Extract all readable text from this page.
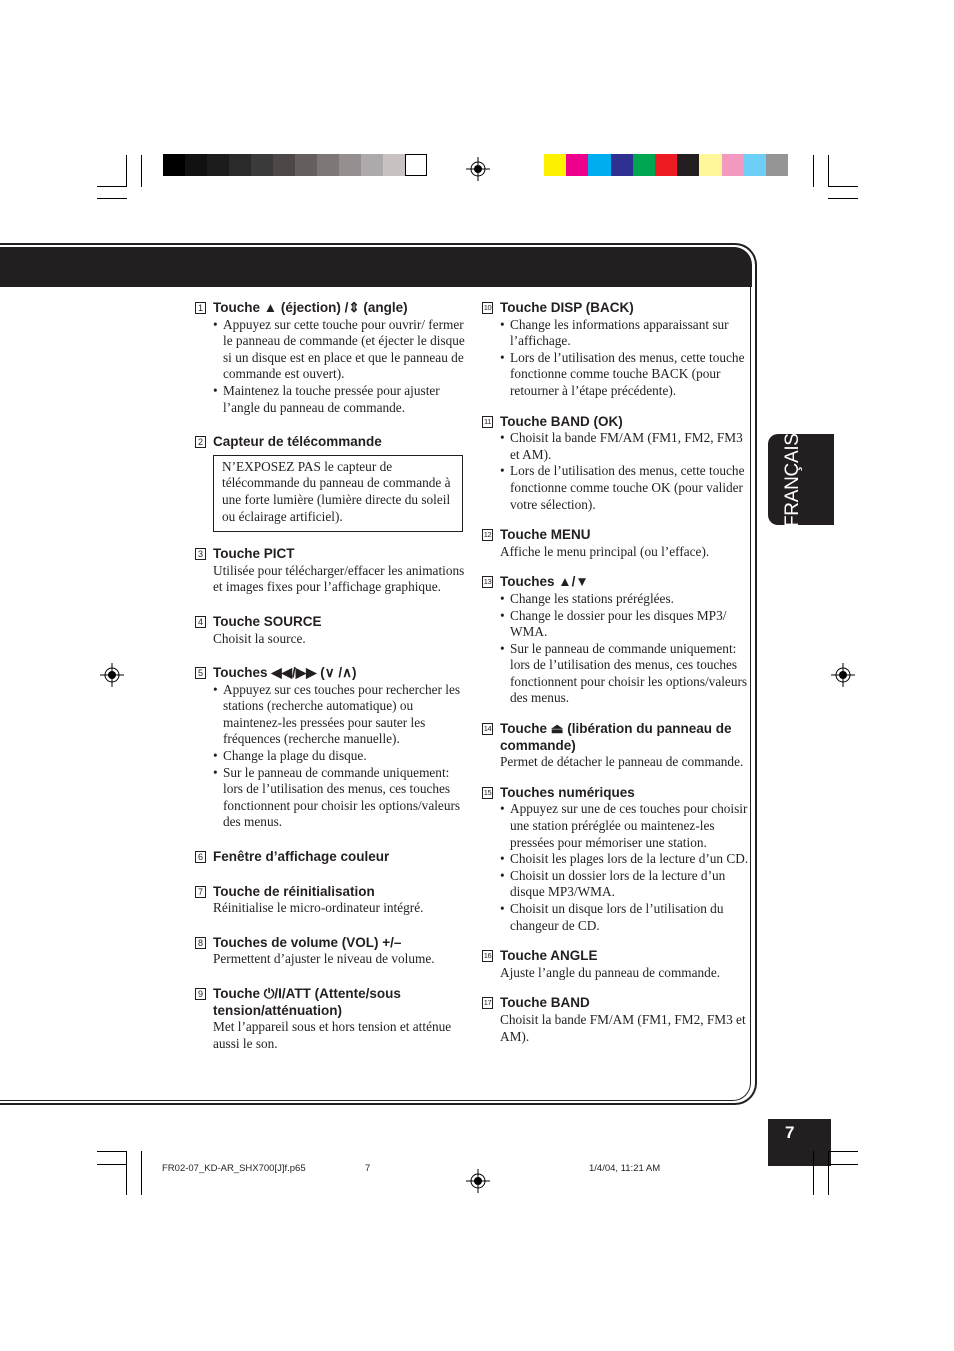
FRANÇAIS
1 Touche ▲ (éjection) /⇕ (angle)
• Appuyez sur cette touche pour ouvrir/ fermer le panneau de commande (et éjecter le disque si un disque est en place et que le panneau de commande est ouvert).
• Maintenez la touche pressée pour ajuster l’angle du panneau de commande.
2 Capteur de télécommande
N’EXPOSEZ PAS le capteur de télécommande du panneau de commande à une forte lumière (lumière directe du soleil ou éclairage artificiel).
3 Touche PICT

Utilisée pour télécharger/effacer les animations et images fixes pour l’affichage graphique.

4 Touche SOURCE

Choisit la source.

5 Touches ◀◀/▶▶ (∨ /∧)
• Appuyez sur ces touches pour rechercher les stations (recherche automatique) ou maintenez-les pressées pour sauter les fréquences (recherche manuelle).
• Change la plage du disque.
• Sur le panneau de commande uniquement: lors de l’utilisation des menus, ces touches fonctionnent pour choisir les options/valeurs des menus.
6 Fenêtre d’affichage couleur
7 Touche de réinitialisation

Réinitialise le micro-ordinateur intégré.

8 Touches de volume (VOL) +/–

Permettent d’ajuster le niveau de volume.

9 Touche ⏻/I/ATT (Attente/sous tension/atténuation)

Met l’appareil sous et hors tension et atténue aussi le son.

10 Touche DISP (BACK)
• Change les informations apparaissant sur l’affichage.
• Lors de l’utilisation des menus, cette touche fonctionne comme touche BACK (pour retourner à l’étape précédente).
11 Touche BAND (OK)
• Choisit la bande FM/AM (FM1, FM2, FM3 et AM).
• Lors de l’utilisation des menus, cette touche fonctionne comme touche OK (pour valider votre sélection).
12 Touche MENU

Affiche le menu principal (ou l’efface).

13 Touches ▲/▼
• Change les stations préréglées.
• Change le dossier pour les disques MP3/ WMA.
• Sur le panneau de commande uniquement: lors de l’utilisation des menus, ces touches fonctionnent pour choisir les options/valeurs des menus.
14 Touche ⏏ (libération du panneau de commande)

Permet de détacher le panneau de commande.

15 Touches numériques
• Appuyez sur une de ces touches pour choisir une station préréglée ou maintenez-les pressées pour mémoriser une station.
• Choisit les plages lors de la lecture d’un CD.
• Choisit un dossier lors de la lecture d’un disque MP3/WMA.
• Choisit un disque lors de l’utilisation du changeur de CD.
16 Touche ANGLE

Ajuste l’angle du panneau de commande.

17 Touche BAND

Choisit la bande FM/AM (FM1, FM2, FM3 et AM).

7
FR02-07_KD-AR_SHX700[J]f.p65	7	1/4/04, 11:21 AM
